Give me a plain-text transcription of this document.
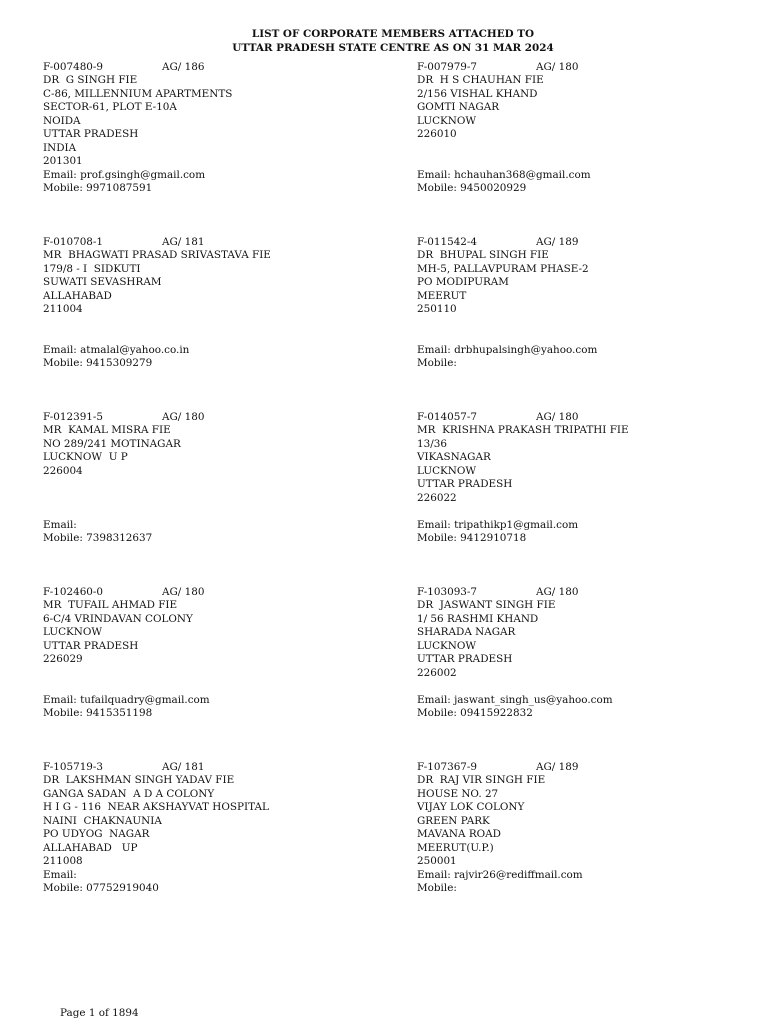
LIST OF CORPORATE MEMBERS ATTACHED TO
UTTAR PRADESH STATE CENTRE AS ON 31 MAR 2024
F-007480-9	AG/ 186
DR  G SINGH FIE
C-86, MILLENNIUM APARTMENTS
SECTOR-61, PLOT E-10A
NOIDA
UTTAR PRADESH
INDIA
201301
Email: prof.gsingh@gmail.com
Mobile: 9971087591
F-007979-7	AG/ 180
DR  H S CHAUHAN FIE
2/156 VISHAL KHAND
GOMTI NAGAR
LUCKNOW
226010
Email: hchauhan368@gmail.com
Mobile: 9450020929
F-010708-1	AG/ 181
MR  BHAGWATI PRASAD SRIVASTAVA FIE
179/8 - I  SIDKUTI
SUWATI SEVASHRAM
ALLAHABAD
211004
Email: atmalal@yahoo.co.in
Mobile: 9415309279
F-011542-4	AG/ 189
DR  BHUPAL SINGH FIE
MH-5, PALLAVPURAM PHASE-2
PO MODIPURAM
MEERUT
250110
Email: drbhupalsingh@yahoo.com
Mobile:
F-012391-5	AG/ 180
MR  KAMAL MISRA FIE
NO 289/241 MOTINAGAR
LUCKNOW  U P
226004
Email:
Mobile: 7398312637
F-014057-7	AG/ 180
MR  KRISHNA PRAKASH TRIPATHI FIE
13/36
VIKASNAGAR
LUCKNOW
UTTAR PRADESH
226022
Email: tripathikp1@gmail.com
Mobile: 9412910718
F-102460-0	AG/ 180
MR  TUFAIL AHMAD FIE
6-C/4 VRINDAVAN COLONY
LUCKNOW
UTTAR PRADESH
226029
Email: tufailquadry@gmail.com
Mobile: 9415351198
F-103093-7	AG/ 180
DR  JASWANT SINGH FIE
1/ 56 RASHMI KHAND
SHARADA NAGAR
LUCKNOW
UTTAR PRADESH
226002
Email: jaswant_singh_us@yahoo.com
Mobile: 09415922832
F-105719-3	AG/ 181
DR  LAKSHMAN SINGH YADAV FIE
GANGA SADAN  A D A COLONY
H I G - 116  NEAR AKSHAYVAT HOSPITAL
NAINI  CHAKNAUNIA
PO UDYOG  NAGAR
ALLAHABAD   UP
211008
Email:
Mobile: 07752919040
F-107367-9	AG/ 189
DR  RAJ VIR SINGH FIE
HOUSE NO. 27
VIJAY LOK COLONY
GREEN PARK
MAVANA ROAD
MEERUT(U.P.)
250001
Email: rajvir26@rediffmail.com
Mobile:
Page 1 of 1894
